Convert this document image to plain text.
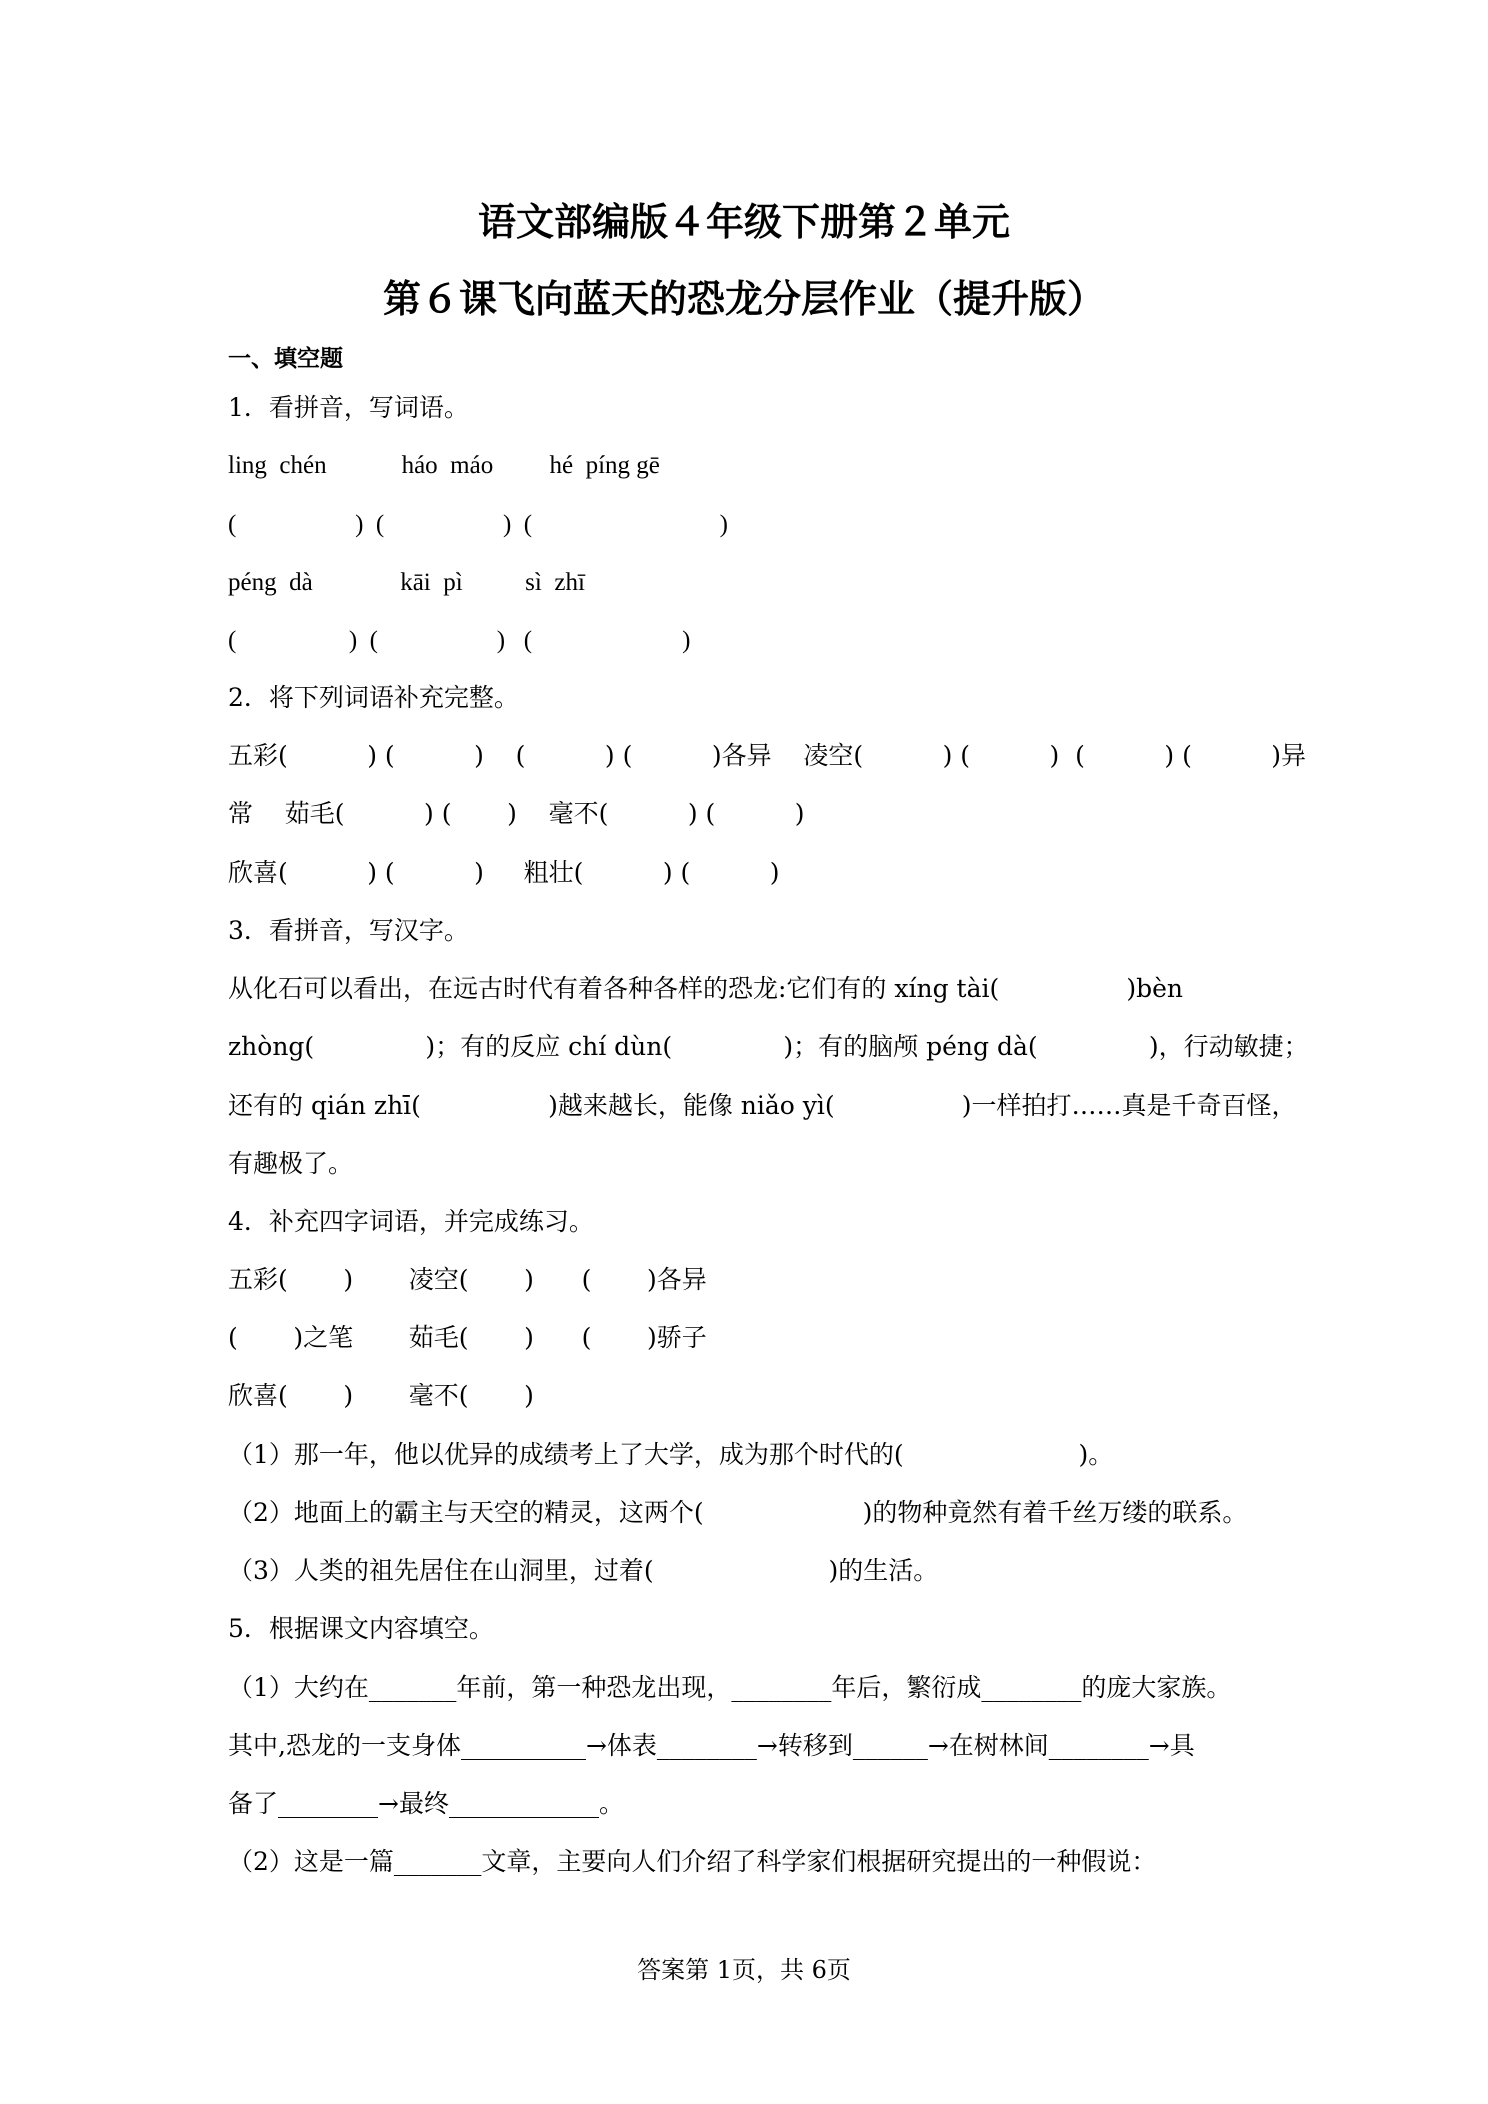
语文部编版４年级下册第２单元
第６课飞向蓝天的恐龙分层作业（提升版）
一、填空题
1．看拼音，写词语。
ling  chén            háo  máo         hé  píng gē
(                   )  (                   )  (                              )
péng  dà              kāi  pì          sì  zhī
(                  )  (                   )   (                        )
2．将下列词语补充完整。
五彩(          ) (          )    (          ) (          )各异    凌空(          ) (          )  (          ) (          )异
常    茹毛(          ) (       )    毫不(          ) (          )
欣喜(          ) (          )     粗壮(          ) (          )
3．看拼音，写汉字。
从化石可以看出，在远古时代有着各种各样的恐龙:它们有的 xíng tài(                )bèn
zhòng(              )；有的反应 chí dùn(              )；有的脑颅 péng dà(              )，行动敏捷；
还有的 qián zhī(                )越来越长，能像 niǎo yì(                )一样拍打……真是千奇百怪，
有趣极了。
4．补充四字词语，并完成练习。
五彩(       )       凌空(       )      (       )各异
(       )之笔       茹毛(       )      (       )骄子
欣喜(       )       毫不(       )
（1）那一年，他以优异的成绩考上了大学，成为那个时代的(                      )。
（2）地面上的霸主与天空的精灵，这两个(                    )的物种竟然有着千丝万缕的联系。
（3）人类的祖先居住在山洞里，过着(                      )的生活。
5．根据课文内容填空。
（1）大约在_______年前，第一种恐龙出现，________年后，繁衍成________的庞大家族。
其中,恐龙的一支身体__________→体表________→转移到______→在树林间________→具
备了________→最终____________。
（2）这是一篇_______文章，主要向人们介绍了科学家们根据研究提出的一种假说：
答案第 1页，共 6页
